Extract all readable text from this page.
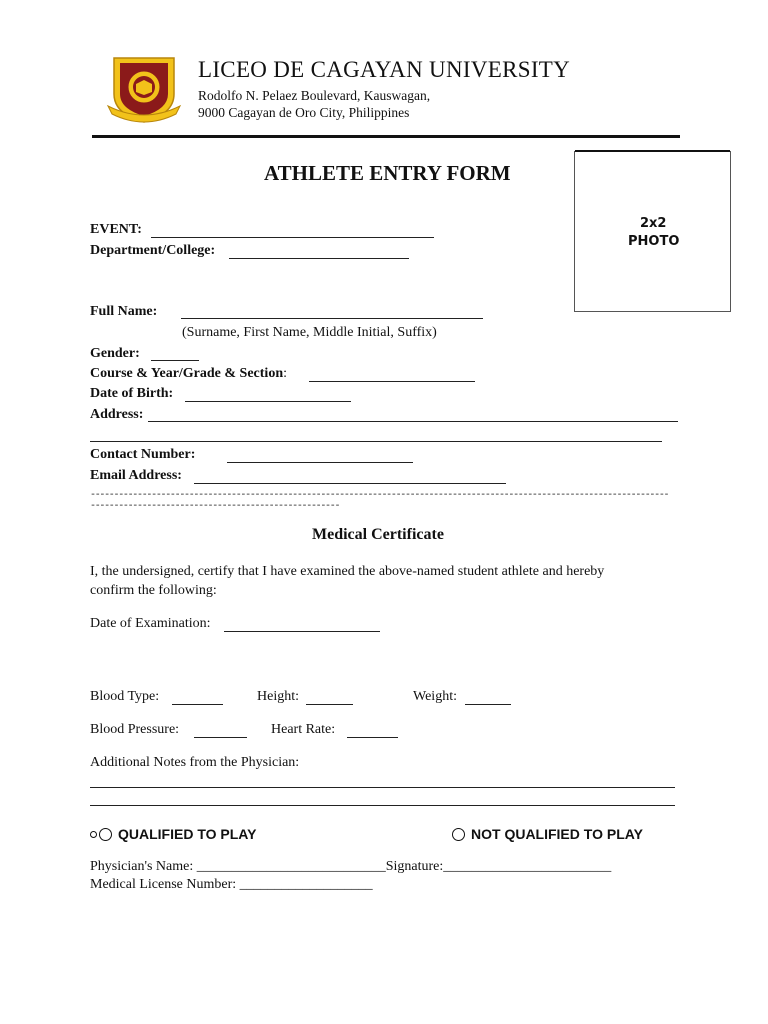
LICEO DE CAGAYAN UNIVERSITY
Rodolfo N. Pelaez Boulevard, Kauswagan,
9000 Cagayan de Oro City, Philippines
2x2
PHOTO
ATHLETE ENTRY FORM
EVENT:
Department/College:
Full Name:
(Surname, First Name, Middle Initial, Suffix)
Gender:
Course & Year/Grade & Section:
Date of Birth:
Address:
Contact Number:
Email Address:
--------------------------------------------------------------------------------------------------------------------------------------------------------------------------------
Medical Certificate
I, the undersigned, certify that I have examined the above-named student athlete and hereby
confirm the following:
Date of Examination:
Blood Type:	Height:	Weight:
Blood Pressure:	Heart Rate:
Additional Notes from the Physician:
QUALIFIED TO PLAY	NOT QUALIFIED TO PLAY
Physician's Name: ___________________________Signature:________________________
Medical License Number: ___________________
